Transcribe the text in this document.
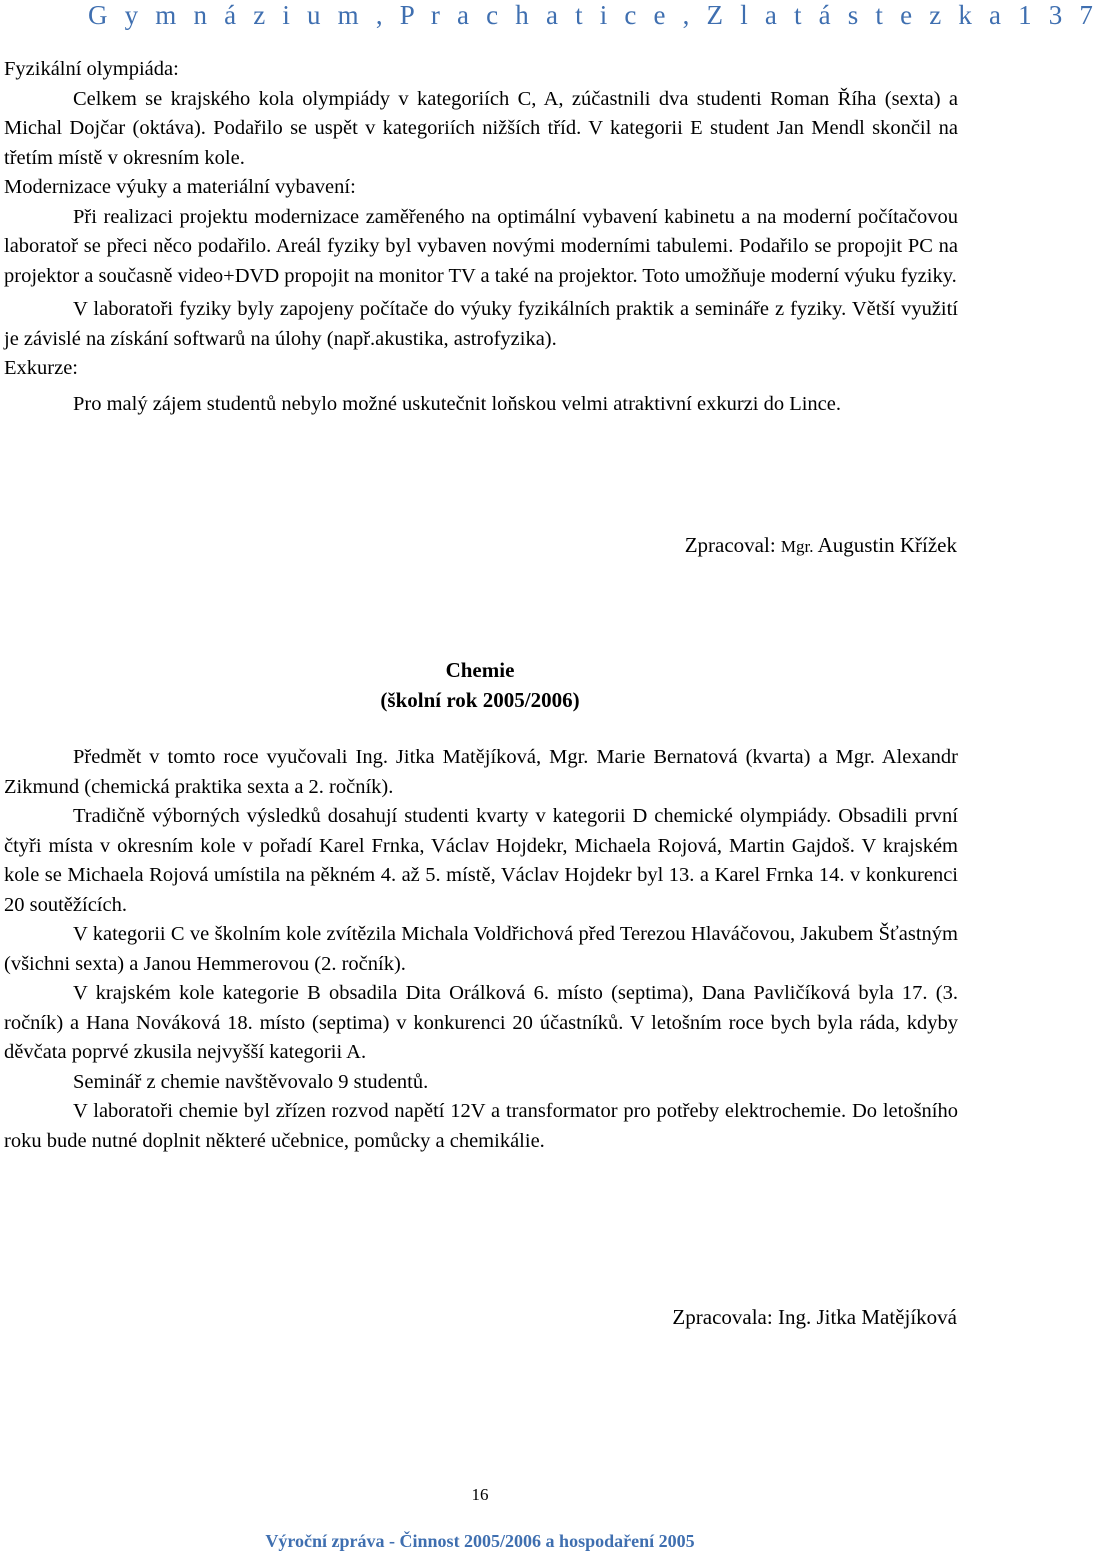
G y m n á z i u m , P r a c h a t i c e , Z l a t á s t e z k a 1 3 7

Fyzikální olympiáda:

Celkem se krajského kola olympiády v kategoriích C, A, zúčastnili dva studenti Roman Říha (sexta) a Michal Dojčar (oktáva). Podařilo se uspět v kategoriích nižších tříd. V kategorii E student Jan Mendl skončil na třetím místě v okresním kole.

Modernizace výuky a materiální vybavení:

Při realizaci projektu modernizace zaměřeného na optimální vybavení kabinetu a na moderní počítačovou laboratoř se přeci něco podařilo. Areál fyziky byl vybaven novými moderními tabulemi. Podařilo se propojit PC na projektor a současně video+DVD propojit na monitor TV a také na projektor. Toto umožňuje moderní výuku fyziky.

V laboratoři fyziky byly zapojeny počítače do výuky fyzikálních praktik a semináře z fyziky. Větší využití je závislé na získání softwarů na úlohy (např.akustika, astrofyzika).

Exkurze:

Pro malý zájem studentů nebylo možné uskutečnit loňskou velmi atraktivní exkurzi do Lince.

Zpracoval: Mgr. Augustin Křížek
Chemie
(školní rok 2005/2006)

Předmět v tomto roce vyučovali Ing. Jitka Matějíková, Mgr. Marie Bernatová (kvarta) a Mgr. Alexandr Zikmund (chemická praktika sexta a 2. ročník).

Tradičně výborných výsledků dosahují studenti kvarty v kategorii D chemické olympiády. Obsadili první čtyři místa v okresním kole v pořadí Karel Frnka, Václav Hojdekr, Michaela Rojová, Martin Gajdoš. V krajském kole se Michaela Rojová umístila na pěkném 4. až 5. místě, Václav Hojdekr byl 13. a Karel Frnka 14. v konkurenci 20 soutěžících.

V kategorii C ve školním kole zvítězila Michala Voldřichová před Terezou Hlaváčovou, Jakubem Šťastným (všichni sexta) a Janou Hemmerovou (2. ročník).

V krajském kole kategorie B obsadila Dita Orálková 6. místo (septima), Dana Pavličíková byla 17. (3. ročník) a Hana Nováková 18. místo (septima) v konkurenci 20 účastníků. V letošním roce bych byla ráda, kdyby děvčata poprvé zkusila nejvyšší kategorii A.

Seminář z chemie navštěvovalo 9 studentů.

V laboratoři chemie byl zřízen rozvod napětí 12V a transformator pro potřeby elektrochemie. Do letošního roku bude nutné doplnit některé učebnice, pomůcky a chemikálie.

Zpracovala: Ing. Jitka Matějíková
16
Výroční zpráva - Činnost 2005/2006 a hospodaření 2005
